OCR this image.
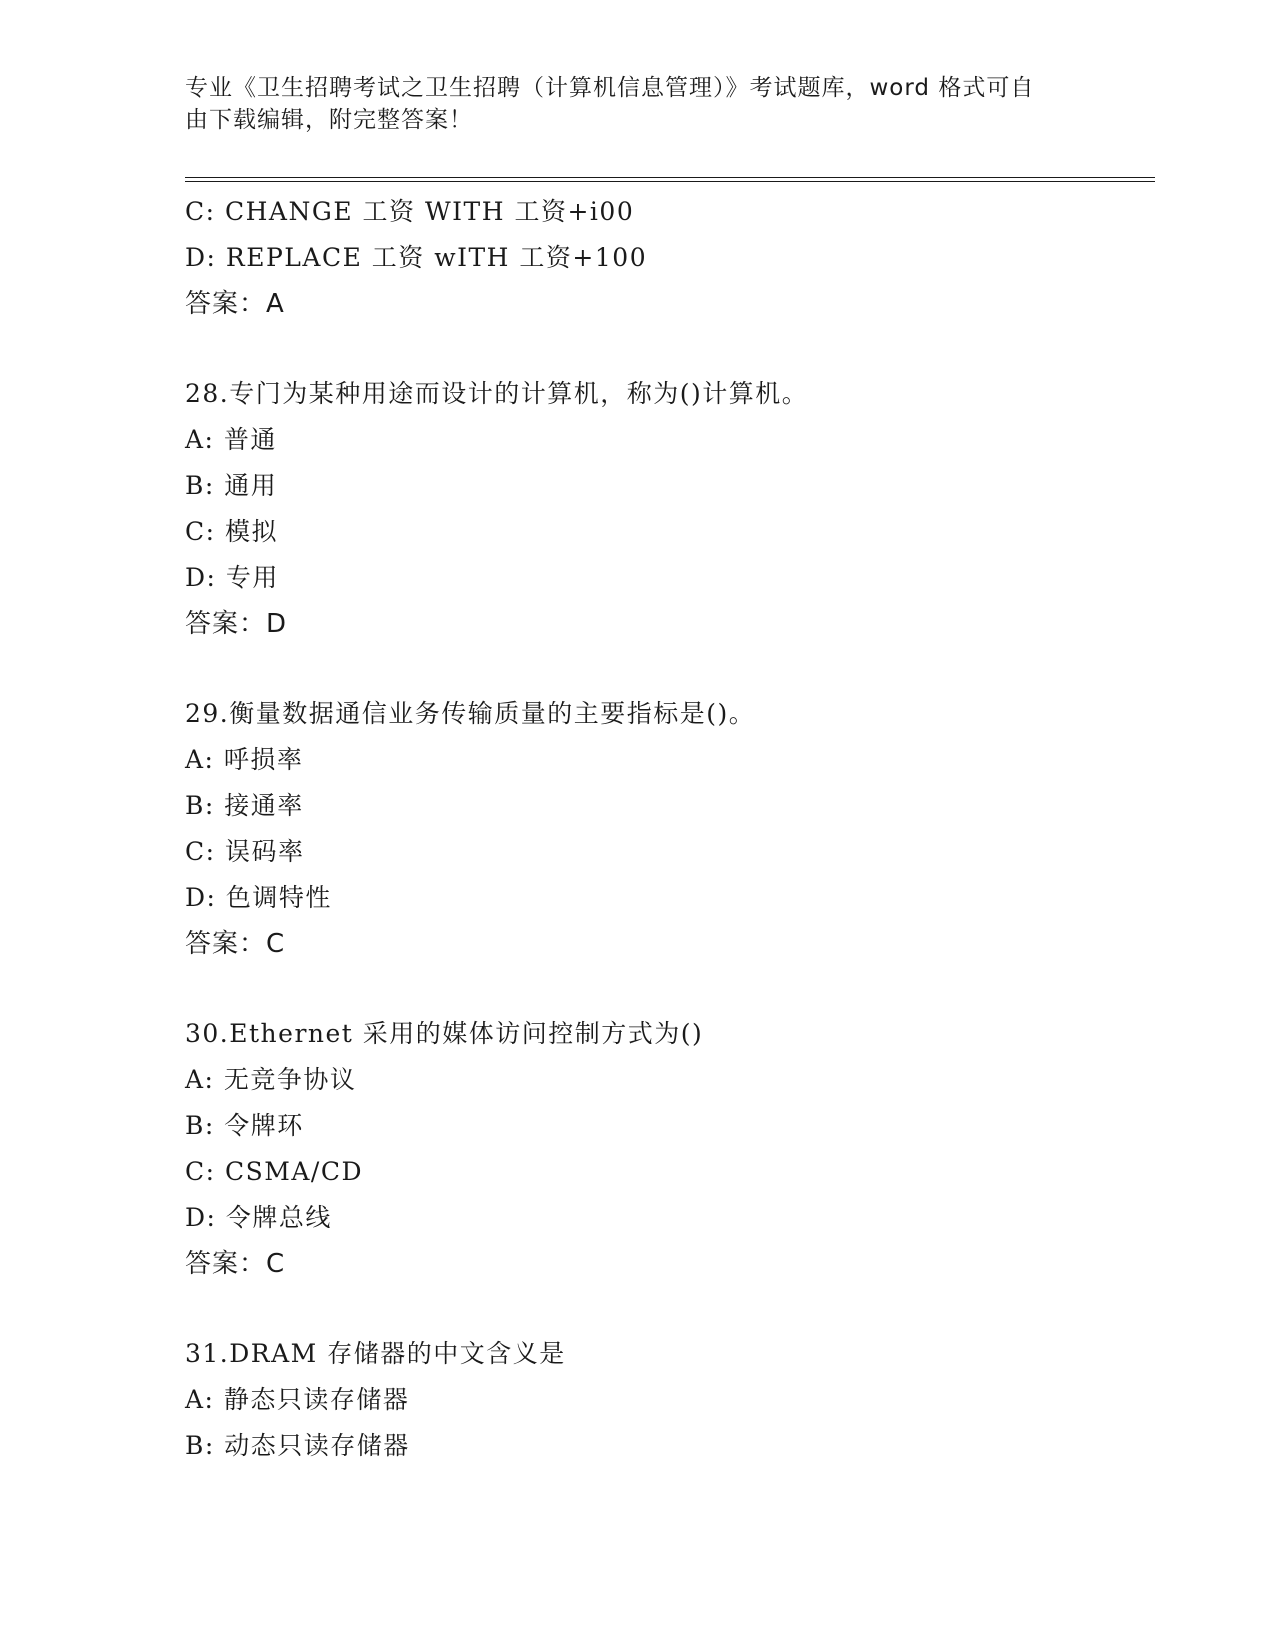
专业《卫生招聘考试之卫生招聘（计算机信息管理）》考试题库，word 格式可自
由下载编辑，附完整答案！
C: CHANGE 工资 WITH 工资+i00
D: REPLACE 工资 wITH 工资+100
答案：A
28.专门为某种用途而设计的计算机，称为()计算机。
A: 普通
B: 通用
C: 模拟
D: 专用
答案：D
29.衡量数据通信业务传输质量的主要指标是()。
A: 呼损率
B: 接通率
C: 误码率
D: 色调特性
答案：C
30.Ethernet 采用的媒体访问控制方式为()
A: 无竞争协议
B: 令牌环
C: CSMA/CD
D: 令牌总线
答案：C
31.DRAM 存储器的中文含义是
A: 静态只读存储器
B: 动态只读存储器
